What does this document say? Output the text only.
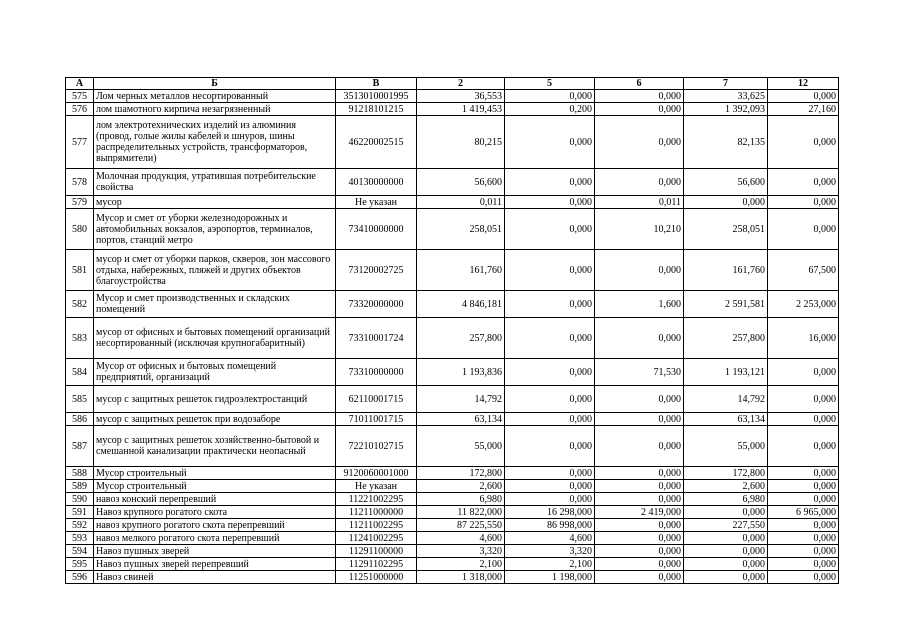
А	Б	В	2	5	6	7	12
575	Лом черных металлов несортированный	3513010001995	36,553	0,000	0,000	33,625	0,000
576	лом шамотного кирпича незагрязненный	91218101215	1 419,453	0,200	0,000	1 392,093	27,160
577	лом электротехнических изделий из алюминия (провод, голые жилы кабелей и шнуров, шины распределительных устройств, трансформаторов, выпрямители)	46220002515	80,215	0,000	0,000	82,135	0,000
578	Молочная продукция, утратившая потребительские свойства	40130000000	56,600	0,000	0,000	56,600	0,000
579	мусор	Не указан	0,011	0,000	0,011	0,000	0,000
580	Мусор и смет от уборки железнодорожных и автомобильных вокзалов, аэропортов, терминалов, портов, станций метро	73410000000	258,051	0,000	10,210	258,051	0,000
581	мусор и смет от уборки парков, скверов, зон массового отдыха, набережных, пляжей и других объектов благоустройства	73120002725	161,760	0,000	0,000	161,760	67,500
582	Мусор и смет производственных и складских помещений	73320000000	4 846,181	0,000	1,600	2 591,581	2 253,000
583	мусор от офисных и бытовых помещений организаций несортированный (исключая крупногабаритный)	73310001724	257,800	0,000	0,000	257,800	16,000
584	Мусор от офисных и бытовых помещений предприятий, организаций	73310000000	1 193,836	0,000	71,530	1 193,121	0,000
585	мусор с защитных решеток гидроэлектростанций	62110001715	14,792	0,000	0,000	14,792	0,000
586	мусор с защитных решеток при водозаборе	71011001715	63,134	0,000	0,000	63,134	0,000
587	мусор с защитных решеток хозяйственно-бытовой и смешанной канализации практически неопасный	72210102715	55,000	0,000	0,000	55,000	0,000
588	Мусор строительный	9120060001000	172,800	0,000	0,000	172,800	0,000
589	Мусор строительный	Не указан	2,600	0,000	0,000	2,600	0,000
590	навоз конский перепревший	11221002295	6,980	0,000	0,000	6,980	0,000
591	Навоз крупного рогатого скота	11211000000	11 822,000	16 298,000	2 419,000	0,000	6 965,000
592	навоз крупного рогатого скота перепревший	11211002295	87 225,550	86 998,000	0,000	227,550	0,000
593	навоз мелкого рогатого скота перепревший	11241002295	4,600	4,600	0,000	0,000	0,000
594	Навоз пушных зверей	11291100000	3,320	3,320	0,000	0,000	0,000
595	Навоз пушных зверей перепревший	11291102295	2,100	2,100	0,000	0,000	0,000
596	Навоз свиней	11251000000	1 318,000	1 198,000	0,000	0,000	0,000
